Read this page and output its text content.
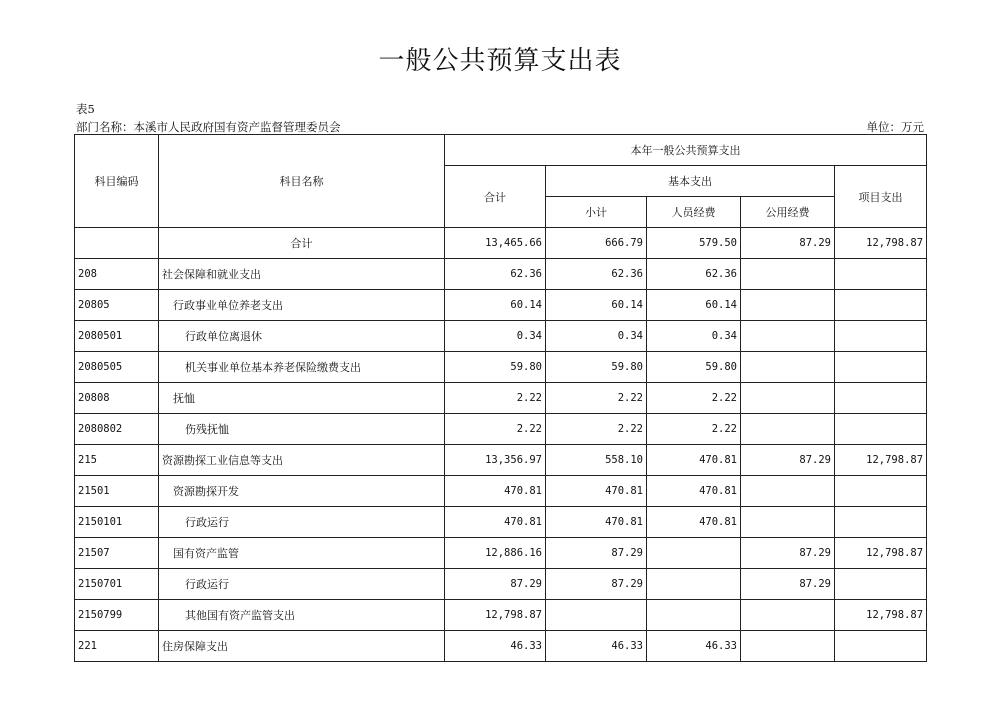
一般公共预算支出表
表5
部门名称：本溪市人民政府国有资产监督管理委员会	单位：万元
科目编码	科目名称	本年一般公共预算支出				
		合计	基本支出			项目支出
			小计	人员经费	公用经费	
	合计	13,465.66	666.79	579.50	87.29	12,798.87
208	社会保障和就业支出	62.36	62.36	62.36		
20805	行政事业单位养老支出	60.14	60.14	60.14		
2080501	行政单位离退休	0.34	0.34	0.34		
2080505	机关事业单位基本养老保险缴费支出	59.80	59.80	59.80		
20808	抚恤	2.22	2.22	2.22		
2080802	伤残抚恤	2.22	2.22	2.22		
215	资源勘探工业信息等支出	13,356.97	558.10	470.81	87.29	12,798.87
21501	资源勘探开发	470.81	470.81	470.81		
2150101	行政运行	470.81	470.81	470.81		
21507	国有资产监管	12,886.16	87.29		87.29	12,798.87
2150701	行政运行	87.29	87.29		87.29	
2150799	其他国有资产监管支出	12,798.87				12,798.87
221	住房保障支出	46.33	46.33	46.33		
